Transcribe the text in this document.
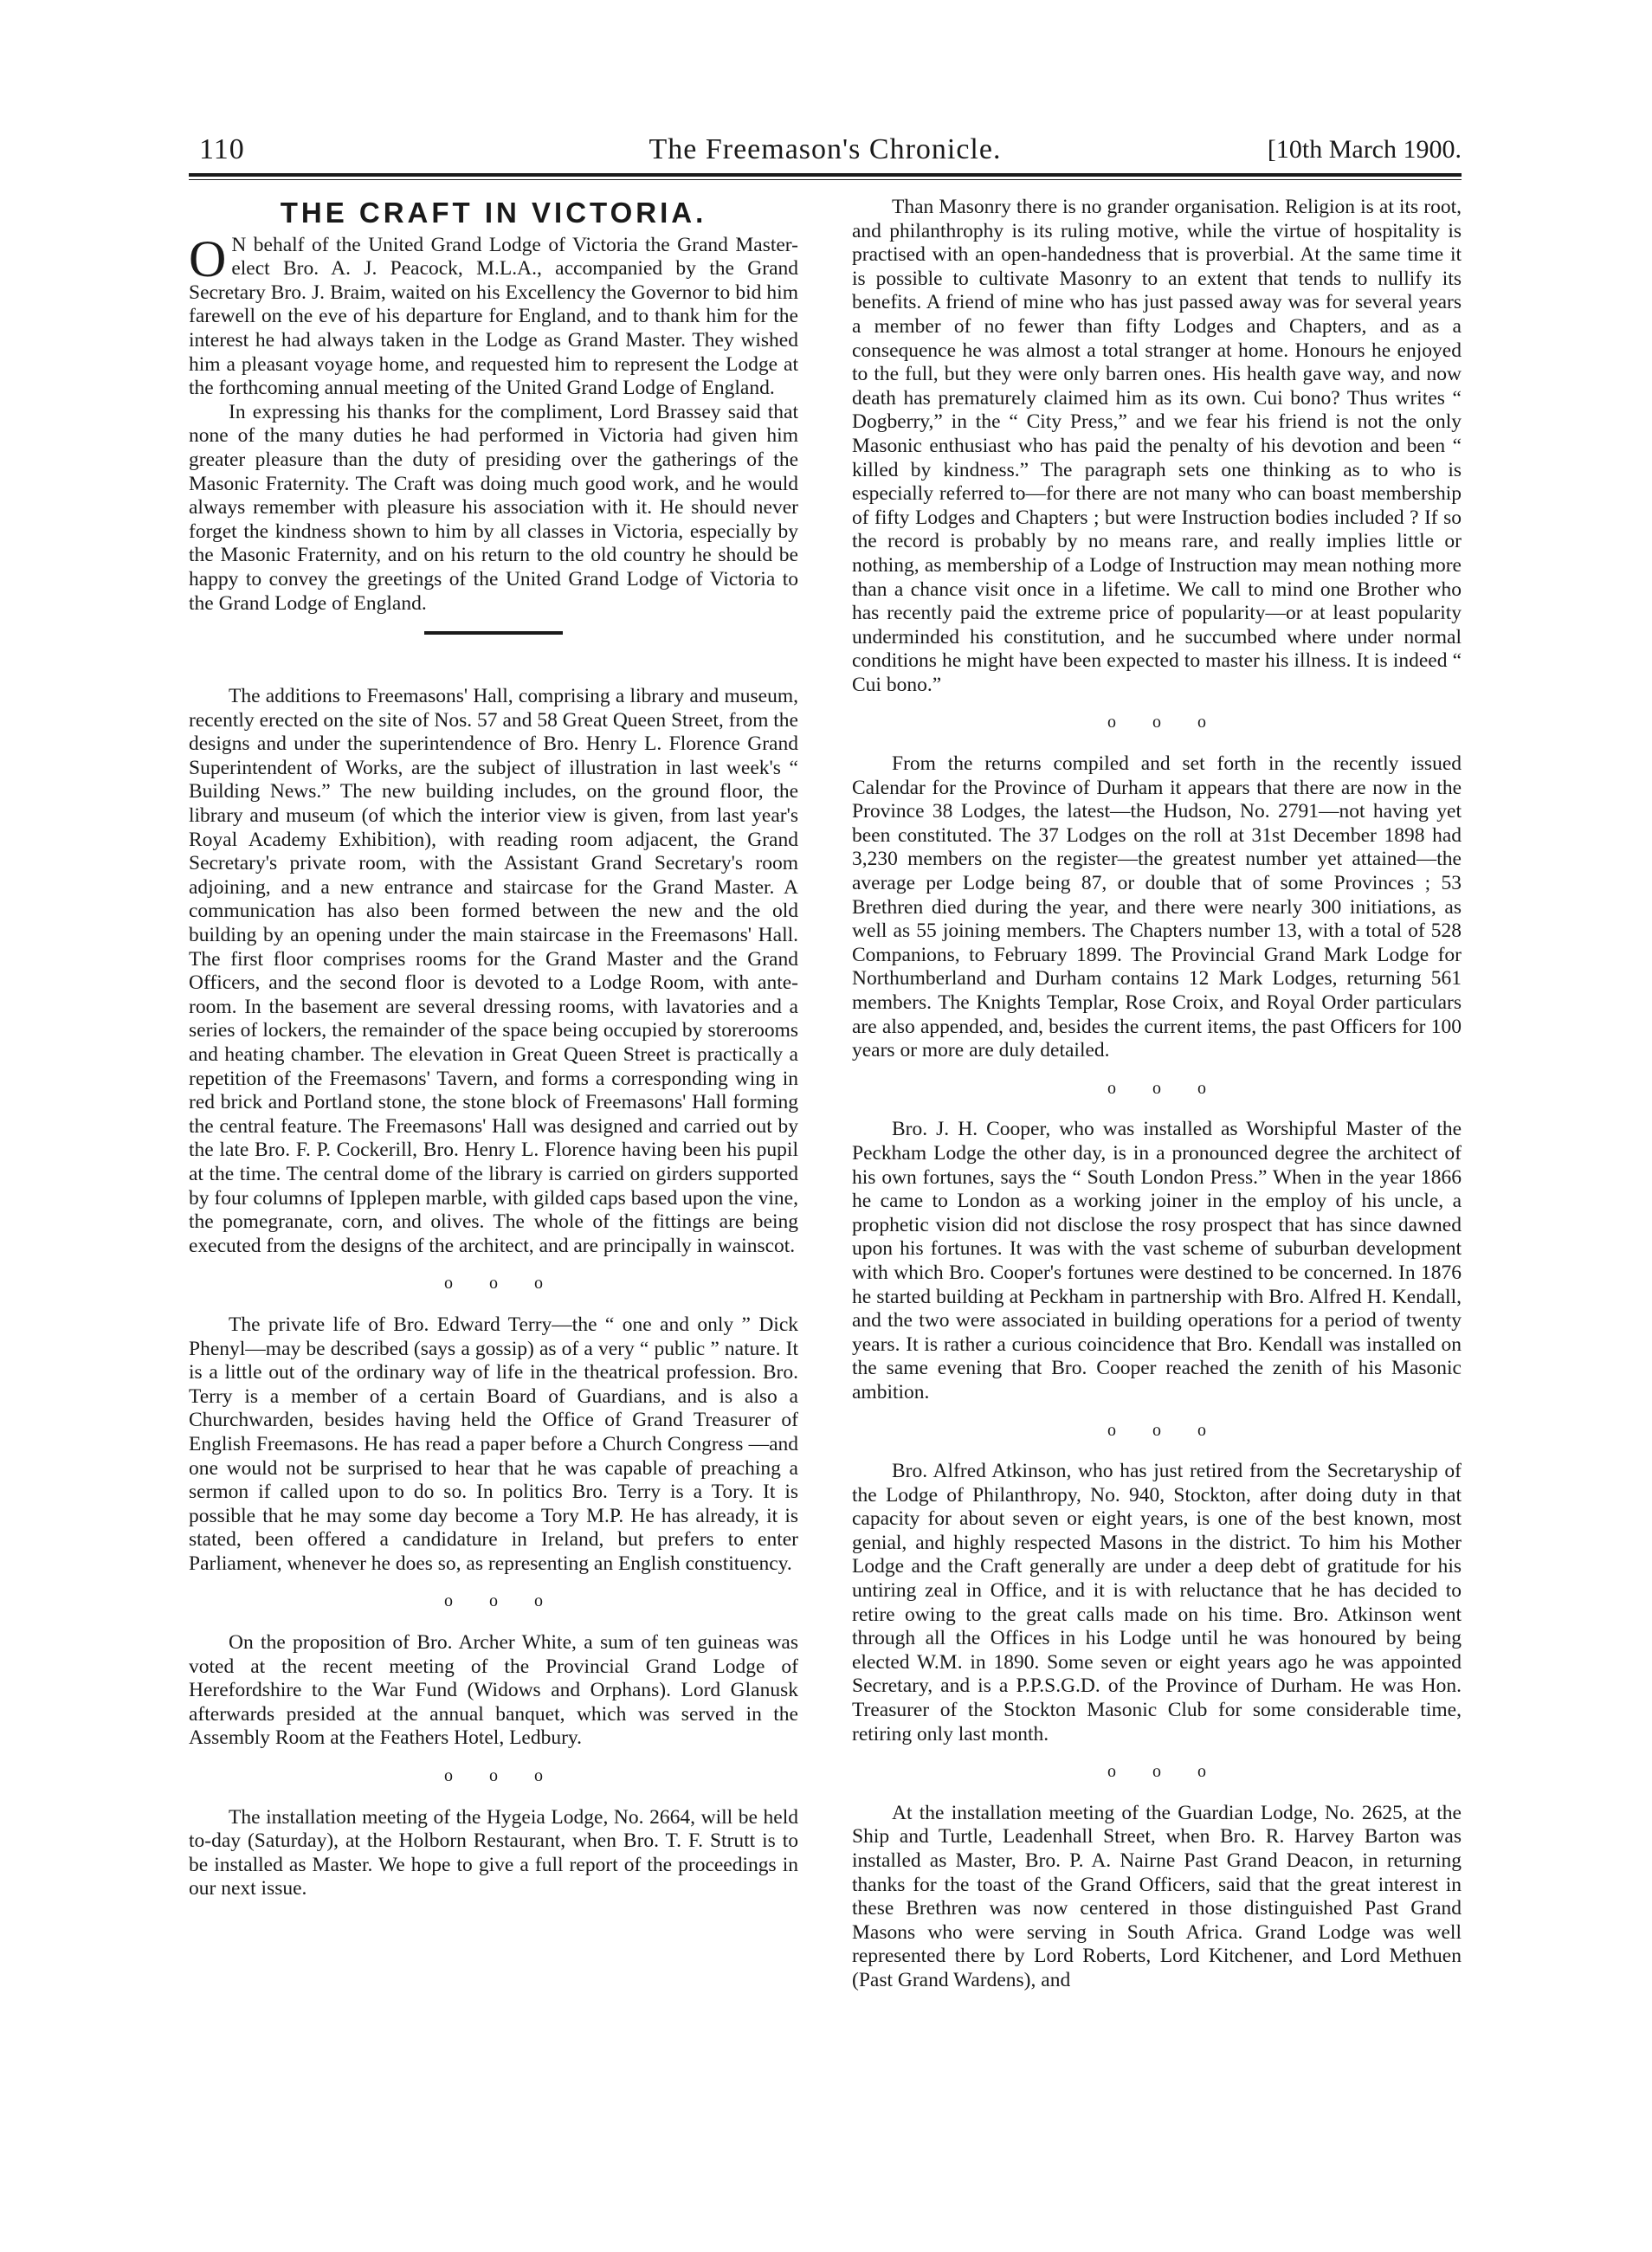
110	The Freemason's Chronicle.	[10th March 1900.
THE CRAFT IN VICTORIA.

O N behalf of the United Grand Lodge of Victoria the Grand Master-elect Bro. A. J. Peacock, M.L.A., accompanied by the Grand Secretary Bro. J. Braim, waited on his Excellency the Governor to bid him farewell on the eve of his departure for England, and to thank him for the interest he had always taken in the Lodge as Grand Master. They wished him a pleasant voyage home, and requested him to represent the Lodge at the forthcoming annual meeting of the United Grand Lodge of England.

In expressing his thanks for the compliment, Lord Brassey said that none of the many duties he had performed in Victoria had given him greater pleasure than the duty of presiding over the gatherings of the Masonic Fraternity. The Craft was doing much good work, and he would always remember with pleasure his association with it. He should never forget the kindness shown to him by all classes in Victoria, especially by the Masonic Fraternity, and on his return to the old country he should be happy to convey the greetings of the United Grand Lodge of Victoria to the Grand Lodge of England.

The additions to Freemasons' Hall, comprising a library and museum, recently erected on the site of Nos. 57 and 58 Great Queen Street, from the designs and under the superintendence of Bro. Henry L. Florence Grand Superintendent of Works, are the subject of illustration in last week's “ Building News.” The new building includes, on the ground floor, the library and museum (of which the interior view is given, from last year's Royal Academy Exhibition), with reading room adjacent, the Grand Secretary's private room, with the Assistant Grand Secretary's room adjoining, and a new entrance and staircase for the Grand Master. A communication has also been formed between the new and the old building by an opening under the main staircase in the Freemasons' Hall. The first floor comprises rooms for the Grand Master and the Grand Officers, and the second floor is devoted to a Lodge Room, with ante-room. In the basement are several dressing rooms, with lavatories and a series of lockers, the remainder of the space being occupied by storerooms and heating chamber. The elevation in Great Queen Street is practically a repetition of the Freemasons' Tavern, and forms a corresponding wing in red brick and Portland stone, the stone block of Freemasons' Hall forming the central feature. The Freemasons' Hall was designed and carried out by the late Bro. F. P. Cockerill, Bro. Henry L. Florence having been his pupil at the time. The central dome of the library is carried on girders supported by four columns of Ipplepen marble, with gilded caps based upon the vine, the pomegranate, corn, and olives. The whole of the fittings are being executed from the designs of the architect, and are principally in wainscot.

ooo

The private life of Bro. Edward Terry—the “ one and only ” Dick Phenyl—may be described (says a gossip) as of a very “ public ” nature. It is a little out of the ordinary way of life in the theatrical profession. Bro. Terry is a member of a certain Board of Guardians, and is also a Churchwarden, besides having held the Office of Grand Treasurer of English Freemasons. He has read a paper before a Church Congress —and one would not be surprised to hear that he was capable of preaching a sermon if called upon to do so. In politics Bro. Terry is a Tory. It is possible that he may some day become a Tory M.P. He has already, it is stated, been offered a candidature in Ireland, but prefers to enter Parliament, whenever he does so, as representing an English constituency.

ooo

On the proposition of Bro. Archer White, a sum of ten guineas was voted at the recent meeting of the Provincial Grand Lodge of Herefordshire to the War Fund (Widows and Orphans). Lord Glanusk afterwards presided at the annual banquet, which was served in the Assembly Room at the Feathers Hotel, Ledbury.

ooo

The installation meeting of the Hygeia Lodge, No. 2664, will be held to-day (Saturday), at the Holborn Restaurant, when Bro. T. F. Strutt is to be installed as Master. We hope to give a full report of the proceedings in our next issue.

Than Masonry there is no grander organisation. Religion is at its root, and philanthrophy is its ruling motive, while the virtue of hospitality is practised with an open-handedness that is proverbial. At the same time it is possible to cultivate Masonry to an extent that tends to nullify its benefits. A friend of mine who has just passed away was for several years a member of no fewer than fifty Lodges and Chapters, and as a consequence he was almost a total stranger at home. Honours he enjoyed to the full, but they were only barren ones. His health gave way, and now death has prematurely claimed him as its own. Cui bono? Thus writes “ Dogberry,” in the “ City Press,” and we fear his friend is not the only Masonic enthusiast who has paid the penalty of his devotion and been “ killed by kindness.” The paragraph sets one thinking as to who is especially referred to—for there are not many who can boast membership of fifty Lodges and Chapters ; but were Instruction bodies included ? If so the record is probably by no means rare, and really implies little or nothing, as membership of a Lodge of Instruction may mean nothing more than a chance visit once in a lifetime. We call to mind one Brother who has recently paid the extreme price of popularity—or at least popularity underminded his constitution, and he succumbed where under normal conditions he might have been expected to master his illness. It is indeed “ Cui bono.”

ooo

From the returns compiled and set forth in the recently issued Calendar for the Province of Durham it appears that there are now in the Province 38 Lodges, the latest—the Hudson, No. 2791—not having yet been constituted. The 37 Lodges on the roll at 31st December 1898 had 3,230 members on the register—the greatest number yet attained—the average per Lodge being 87, or double that of some Provinces ; 53 Brethren died during the year, and there were nearly 300 initiations, as well as 55 joining members. The Chapters number 13, with a total of 528 Companions, to February 1899. The Provincial Grand Mark Lodge for Northumberland and Durham contains 12 Mark Lodges, returning 561 members. The Knights Templar, Rose Croix, and Royal Order particulars are also appended, and, besides the current items, the past Officers for 100 years or more are duly detailed.

ooo

Bro. J. H. Cooper, who was installed as Worshipful Master of the Peckham Lodge the other day, is in a pronounced degree the architect of his own fortunes, says the “ South London Press.” When in the year 1866 he came to London as a working joiner in the employ of his uncle, a prophetic vision did not disclose the rosy prospect that has since dawned upon his fortunes. It was with the vast scheme of suburban development with which Bro. Cooper's fortunes were destined to be concerned. In 1876 he started building at Peckham in partnership with Bro. Alfred H. Kendall, and the two were associated in building operations for a period of twenty years. It is rather a curious coincidence that Bro. Kendall was installed on the same evening that Bro. Cooper reached the zenith of his Masonic ambition.

ooo

Bro. Alfred Atkinson, who has just retired from the Secretaryship of the Lodge of Philanthropy, No. 940, Stockton, after doing duty in that capacity for about seven or eight years, is one of the best known, most genial, and highly respected Masons in the district. To him his Mother Lodge and the Craft generally are under a deep debt of gratitude for his untiring zeal in Office, and it is with reluctance that he has decided to retire owing to the great calls made on his time. Bro. Atkinson went through all the Offices in his Lodge until he was honoured by being elected W.M. in 1890. Some seven or eight years ago he was appointed Secretary, and is a P.P.S.G.D. of the Province of Durham. He was Hon. Treasurer of the Stockton Masonic Club for some considerable time, retiring only last month.

ooo

At the installation meeting of the Guardian Lodge, No. 2625, at the Ship and Turtle, Leadenhall Street, when Bro. R. Harvey Barton was installed as Master, Bro. P. A. Nairne Past Grand Deacon, in returning thanks for the toast of the Grand Officers, said that the great interest in these Brethren was now centered in those distinguished Past Grand Masons who were serving in South Africa. Grand Lodge was well represented there by Lord Roberts, Lord Kitchener, and Lord Methuen (Past Grand Wardens), and
